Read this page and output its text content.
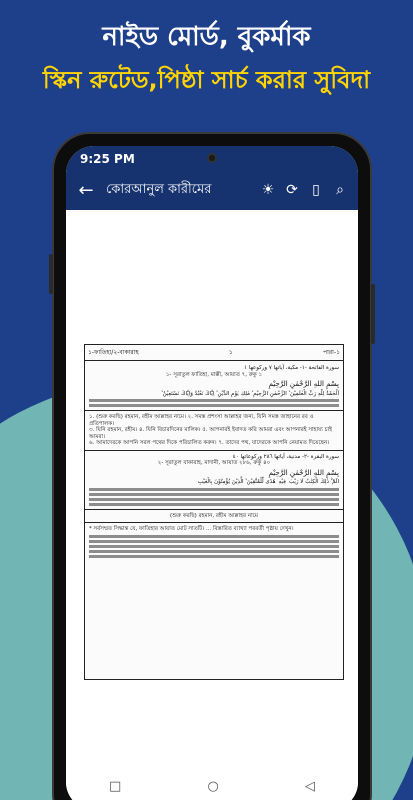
নাইড মোর্ড, বুকর্মাক
স্কিন রুটেড,পিষ্ঠা সার্চ করার সুবিদা
9:25 PM
← কোরআনুল কারীমের	☀ ⟳ ▯ ⌕
১-ফাতিহা/২-বাকারাহ	১	পারা-১
سورة الفاتحة -١- مكية، آياتها ٧ وركوعها ١
১- সূরাতুল ফাতিহা, মাক্কী, আয়াত ৭, রুকু ১
بِسْمِ اللهِ الرَّحْمٰنِ الرَّحِيْمِ
اَلْحَمْدُ لِلّٰهِ رَبِّ الْعٰلَمِيْنَ ۙ الرَّحْمٰنِ الرَّحِيْمِ ۙ مٰلِكِ يَوْمِ الدِّيْنِ ۙ اِيَّاكَ نَعْبُدُ وَاِيَّاكَ نَسْتَعِيْنُ ۙ
১. (শুরু করছি) রহমান, রহীম আল্লাহর নামে। ২. সমস্ত প্রশংসা আল্লাহর জন্য, যিনি সমস্ত জাহানের রব ও প্রতিপালক।
৩. যিনি রহমান, রহীম। ৪. যিনি বিচারদিনের মালিক। ৫. আপনারই ইবাদত করি আমরা এবং আপনারই সাহায্য চাই আমরা।
৬. আমাদেরকে আপনি সরল পথের দিকে পরিচালিত করুন। ৭. তাদের পথ, যাদেরকে আপনি নেয়ামত দিয়েছেন।
سورة البقرة -٢- مدنية، آياتها ٢٨٦ وركوعاتها ٤٠
২- সূরাতুল বাকারাহ, মাদানী, আয়াত ২৮৬, রুকু ৪০
بِسْمِ اللهِ الرَّحْمٰنِ الرَّحِيْمِ
الٓمّٓ ۚ ذٰلِكَ الْكِتٰبُ لَا رَيْبَ ۛ فِيْهِ ۛ هُدًى لِّلْمُتَّقِيْنَ ۙ الَّذِيْنَ يُؤْمِنُوْنَ بِالْغَيْبِ
(শুরু করছি) রহমান, রহীম আল্লাহর নামে
* সর্বসম্মত সিদ্ধান্ত যে, ফাতিহার আয়াত মোট সাতটি। ... বিস্তারিত ব্যাখ্যা পরবর্তী পৃষ্ঠায় দেখুন।
□	○	◁
